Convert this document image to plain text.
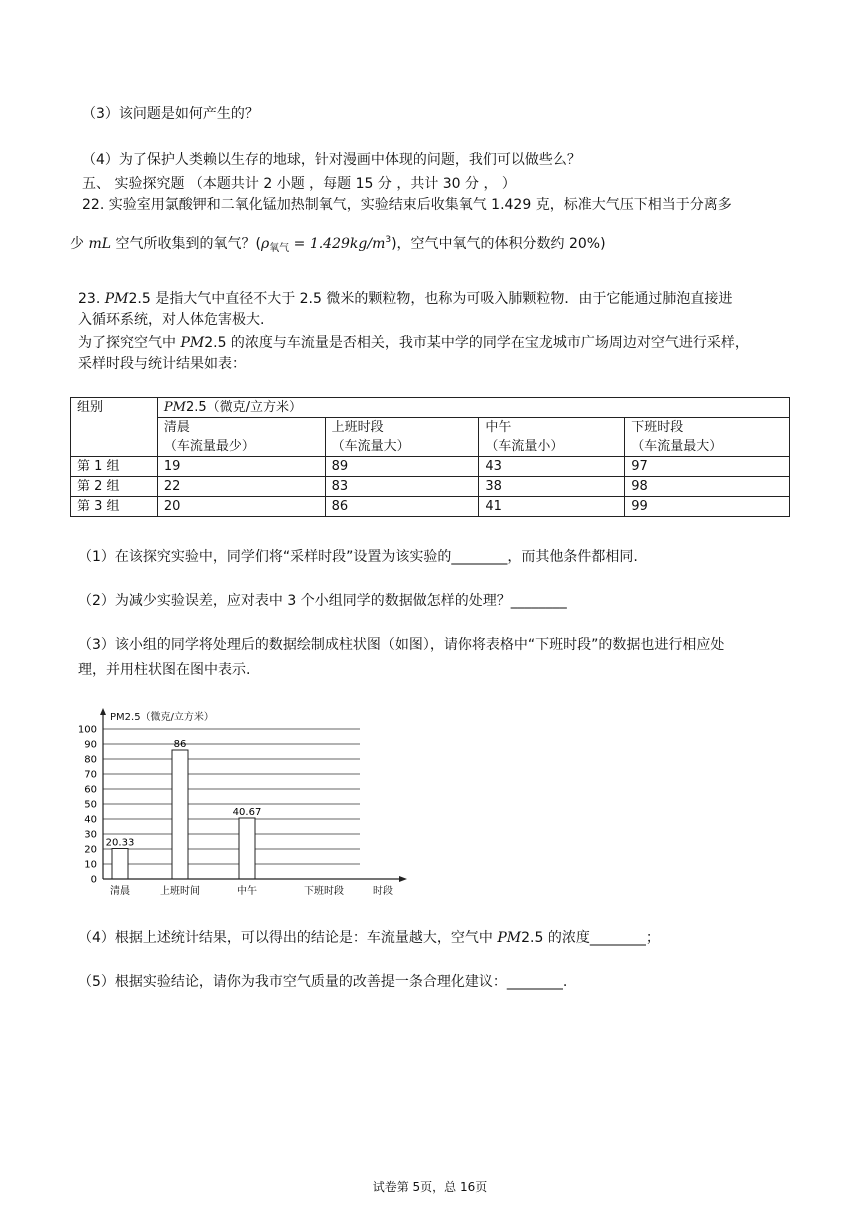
（3）该问题是如何产生的？
（4）为了保护人类赖以生存的地球，针对漫画中体现的问题，我们可以做些么？
五、 实验探究题 （本题共计 2 小题 ，每题 15 分 ，共计 30 分 ， ）
22. 实验室用氯酸钾和二氧化锰加热制氧气，实验结束后收集氧气 1.429 克，标准大气压下相当于分离多
少 mL 空气所收集到的氧气？$(\rho_{氧气} = 1.429kg/m^3)$，空气中氧气的体积分数约 20%)
23. PM2.5 是指大气中直径不大于 2.5 微米的颗粒物，也称为可吸入肺颗粒物．由于它能通过肺泡直接进
入循环系统，对人体危害极大.
为了探究空气中 PM2.5 的浓度与车流量是否相关，我市某中学的同学在宝龙城市广场周边对空气进行采样，
采样时段与统计结果如表：
组别	PM2.5（微克/立方米）			
	清晨	上班时段	中午	下班时段
	（车流量最少）	（车流量大）	（车流量小）	（车流量最大）
第 1 组	19	89	43	97
第 2 组	22	83	38	98
第 3 组	20	86	41	99
（1）在该探究实验中，同学们将“采样时段”设置为该实验的________，而其他条件都相同.
（2）为减少实验误差，应对表中 3 个小组同学的数据做怎样的处理？________
（3）该小组的同学将处理后的数据绘制成柱状图（如图），请你将表格中“下班时段”的数据也进行相应处
理，并用柱状图在图中表示.
0
10
20
30
40
50
60
70
80
90
100
20.33
86
40.67
清晨	上班时间	中午	下班时段
PM2.5（微克/立方米）
时段
（4）根据上述统计结果，可以得出的结论是：车流量越大，空气中 PM2.5 的浓度________；
（5）根据实验结论，请你为我市空气质量的改善提一条合理化建议：________.
试卷第 5页，总 16页
